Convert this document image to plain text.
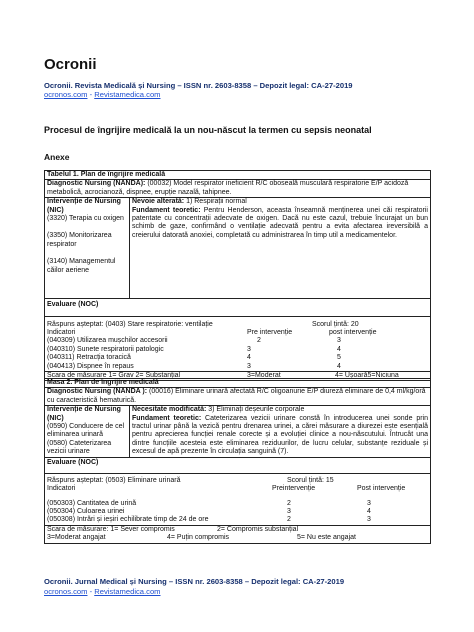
Ocronii
Ocronii. Revista Medicală și Nursing – ISSN nr. 2603-8358 – Depozit legal: CA-27-2019
ocronos.com - Revistamedica.com
Procesul de îngrijire medicală la un nou-născut la termen cu sepsis neonatal
Anexe
Tabelul 1. Plan de îngrijire medicală
Diagnostic Nursing (NANDA): (00032) Model respirator ineficient R/C oboseală musculară respiratorie E/P acidoză metabolică, acrocianoză, dispnee, erupție nazală, tahipnee.

Intervenție de Nursing (NIC)
(3320) Terapia cu oxigen
(3350) Monitorizarea respirator
(3140) Managementul căilor aeriene

Nevoie alterată: 1) Respirații normal
Fundament teoretic: Pentru Henderson, aceasta înseamnă menținerea unei căi respiratorii patentate cu concentrații adecvate de oxigen. Dacă nu este cazul, trebuie încurajat un bun schimb de gaze, confirmând o ventilație adecvată pentru a evita afectarea ireversibilă a creierului datorată anoxiei, completată cu administrarea în timp util a medicamentelor.

Evaluare (NOC)
Răspuns așteptat: (0403) Stare respiratorie: ventilație	Scorul țintă: 20
Indicatori	Pre intervenție	post intervenție
(040309) Utilizarea mușchilor accesorii	2	3
(040310) Sunete respiratorii patologic	3	4
(040311) Retracția toracică	4	5
(040413) Dispnee în repaus	3	4
Scara de măsurare 1= Grav 2= Substanțial	3=Moderat	4= Ușoară5=Niciuna
Masa 2. Plan de îngrijire medicală
Diagnostic Nursing (NANDA ): (00016) Eliminare urinară afectată R/C oligoanurie E/P diureză eliminare de 0,4 ml/kg/oră cu caracteristică hematurică.

Intervenție de Nursing (NIC)
(0590) Conducere de cel eliminarea urinară
(0580) Cateterizarea vezicii urinare

Necesitate modificată: 3) Eliminați deșeurile corporale
Fundament teoretic: Cateterizarea vezicii urinare constă în introducerea unei sonde prin tractul urinar până la vezică pentru drenarea urinei, a cărei măsurare a diurezei este esențială pentru aprecierea funcției renale corecte și a evoluției clinice a nou-născutului. Întrucât una dintre funcțiile acesteia este eliminarea reziduurilor, de lucru celular, substanțe reziduale și excesul de apă prezente în circulația sanguină (7).

Evaluare (NOC)
Răspuns așteptat: (0503) Eliminare urinară	Scorul țintă: 15
Indicatori	Preintervenție	Post intervenție
(050303) Cantitatea de urină	2	3
(050304) Culoarea urinei	3	4
(050308) Intrări și ieșiri echilibrate timp de 24 de ore	2	3
Scara de măsurare: 1= Sever compromis	2= Compromis substanțial
3=Moderat angajat	4= Puțin compromis	5= Nu este angajat
Ocronii. Jurnal Medical și Nursing – ISSN nr. 2603-8358 – Depozit legal: CA-27-2019
ocronos.com - Revistamedica.com
